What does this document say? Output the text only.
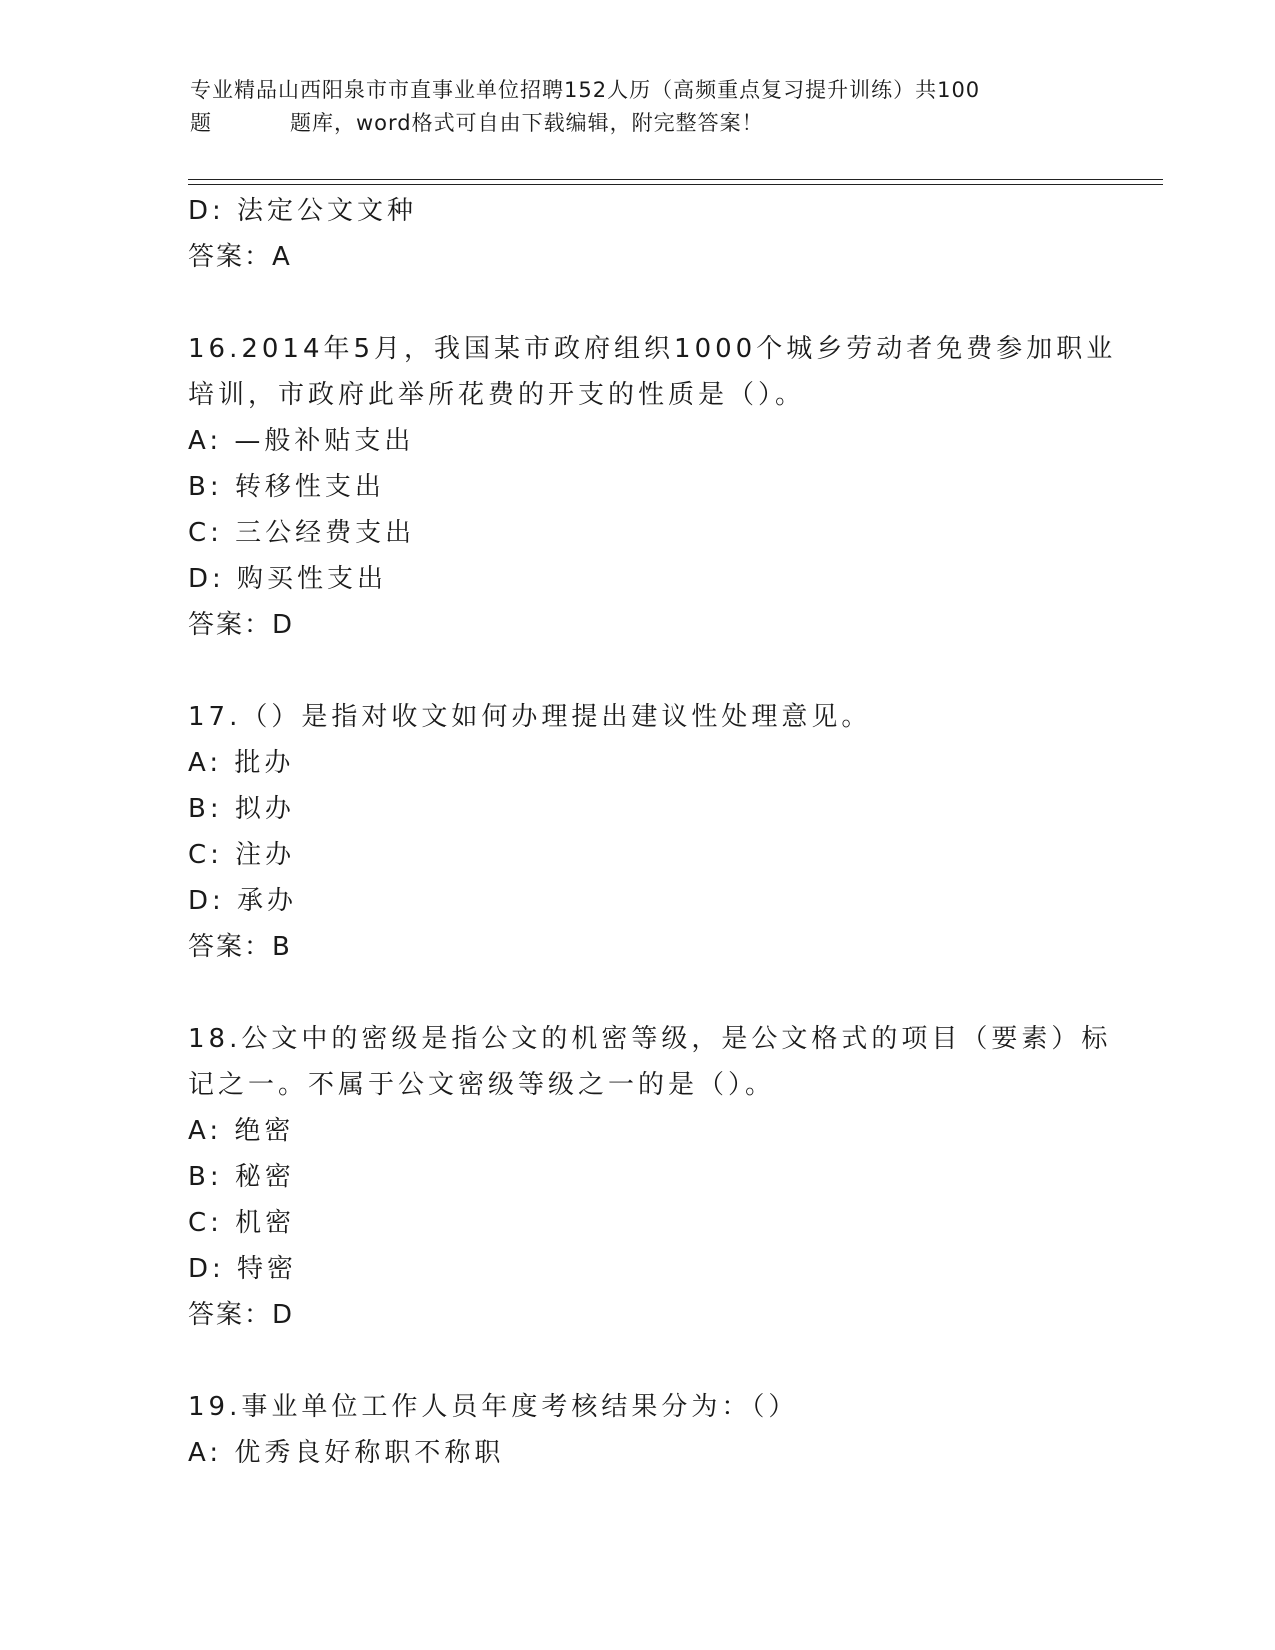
专业精品山西阳泉市市直事业单位招聘152人历（高频重点复习提升训练）共100
题	题库，word格式可自由下载编辑，附完整答案！
D: 法定公文文种
答案：A
16.2014年5月，我国某市政府组织1000个城乡劳动者免费参加职业
培训，市政府此举所花费的开支的性质是（）。
A: —般补贴支出
B: 转移性支出
C: 三公经费支出
D: 购买性支出
答案：D
17.（）是指对收文如何办理提出建议性处理意见。
A: 批办
B: 拟办
C: 注办
D: 承办
答案：B
18.公文中的密级是指公文的机密等级，是公文格式的项目（要素）标
记之一。不属于公文密级等级之一的是（）。
A: 绝密
B: 秘密
C: 机密
D: 特密
答案：D
19.事业单位工作人员年度考核结果分为：（）
A: 优秀良好称职不称职
